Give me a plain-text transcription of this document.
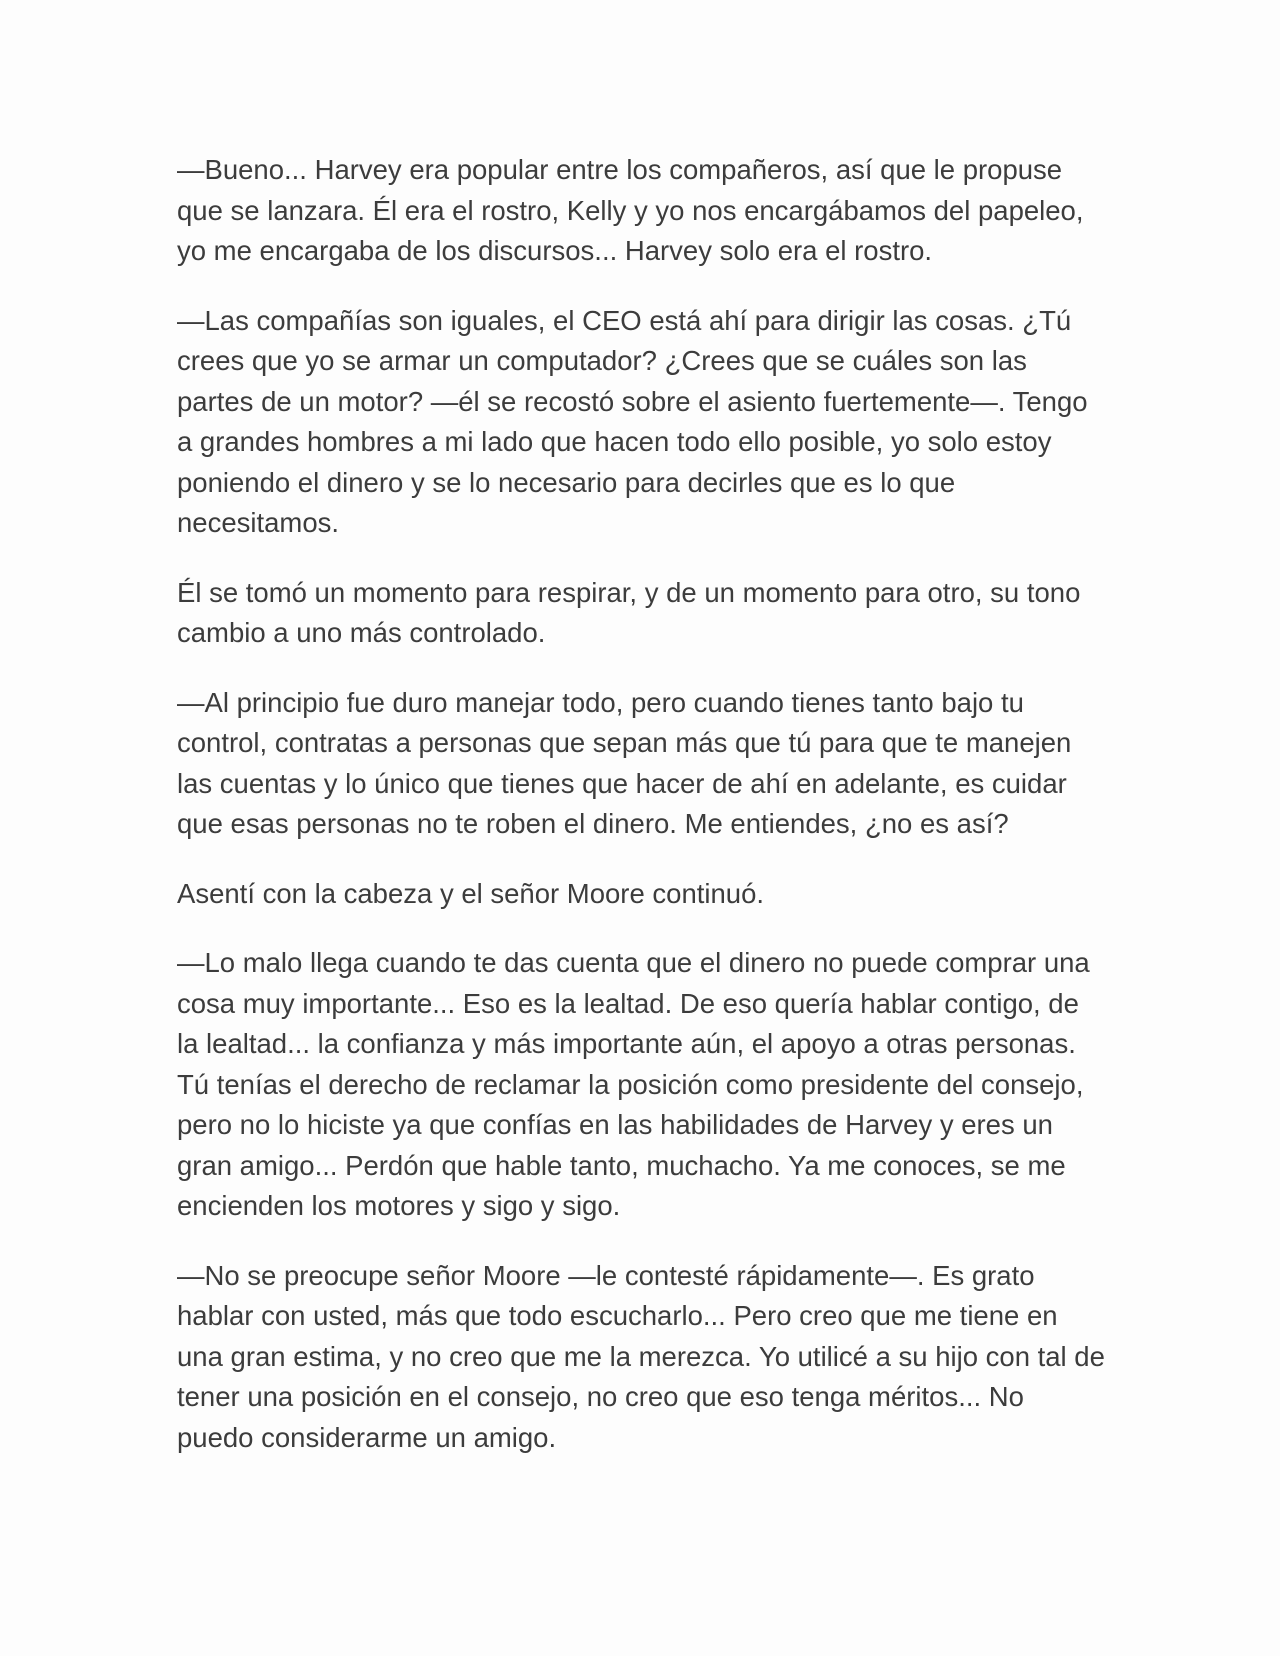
—Bueno... Harvey era popular entre los compañeros, así que le propuse que se lanzara. Él era el rostro, Kelly y yo nos encargábamos del papeleo, yo me encargaba de los discursos... Harvey solo era el rostro.

—Las compañías son iguales, el CEO está ahí para dirigir las cosas. ¿Tú crees que yo se armar un computador? ¿Crees que se cuáles son las partes de un motor? —él se recostó sobre el asiento fuertemente—. Tengo a grandes hombres a mi lado que hacen todo ello posible, yo solo estoy poniendo el dinero y se lo necesario para decirles que es lo que necesitamos.

Él se tomó un momento para respirar, y de un momento para otro, su tono cambio a uno más controlado.

—Al principio fue duro manejar todo, pero cuando tienes tanto bajo tu control, contratas a personas que sepan más que tú para que te manejen las cuentas y lo único que tienes que hacer de ahí en adelante, es cuidar que esas personas no te roben el dinero. Me entiendes, ¿no es así?

Asentí con la cabeza y el señor Moore continuó.

—Lo malo llega cuando te das cuenta que el dinero no puede comprar una cosa muy importante... Eso es la lealtad. De eso quería hablar contigo, de la lealtad... la confianza y más importante aún, el apoyo a otras personas. Tú tenías el derecho de reclamar la posición como presidente del consejo, pero no lo hiciste ya que confías en las habilidades de Harvey y eres un gran amigo... Perdón que hable tanto, muchacho. Ya me conoces, se me encienden los motores y sigo y sigo.

—No se preocupe señor Moore —le contesté rápidamente—. Es grato hablar con usted, más que todo escucharlo... Pero creo que me tiene en una gran estima, y no creo que me la merezca. Yo utilicé a su hijo con tal de tener una posición en el consejo, no creo que eso tenga méritos... No puedo considerarme un amigo.
